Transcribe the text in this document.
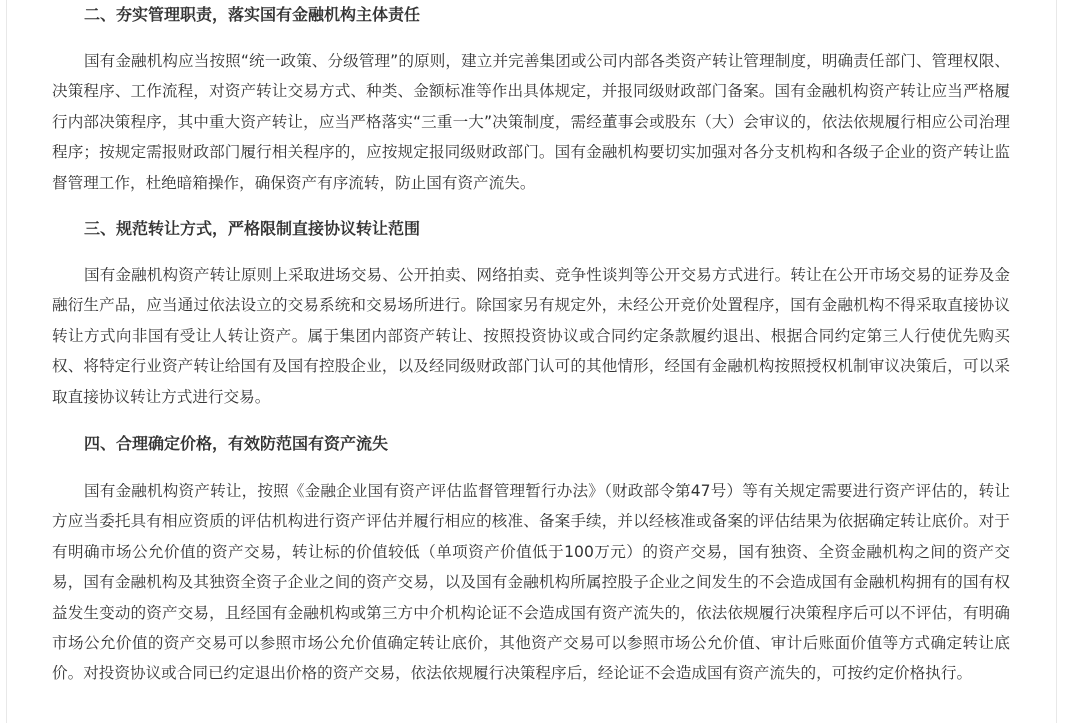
二、夯实管理职责，落实国有金融机构主体责任

国有金融机构应当按照“统一政策、分级管理”的原则，建立并完善集团或公司内部各类资产转让管理制度，明确责任部门、管理权限、决策程序、工作流程，对资产转让交易方式、种类、金额标准等作出具体规定，并报同级财政部门备案。国有金融机构资产转让应当严格履行内部决策程序，其中重大资产转让，应当严格落实“三重一大”决策制度，需经董事会或股东（大）会审议的，依法依规履行相应公司治理程序；按规定需报财政部门履行相关程序的，应按规定报同级财政部门。国有金融机构要切实加强对各分支机构和各级子企业的资产转让监督管理工作，杜绝暗箱操作，确保资产有序流转，防止国有资产流失。

三、规范转让方式，严格限制直接协议转让范围

国有金融机构资产转让原则上采取进场交易、公开拍卖、网络拍卖、竞争性谈判等公开交易方式进行。转让在公开市场交易的证券及金融衍生产品，应当通过依法设立的交易系统和交易场所进行。除国家另有规定外，未经公开竞价处置程序，国有金融机构不得采取直接协议转让方式向非国有受让人转让资产。属于集团内部资产转让、按照投资协议或合同约定条款履约退出、根据合同约定第三人行使优先购买权、将特定行业资产转让给国有及国有控股企业，以及经同级财政部门认可的其他情形，经国有金融机构按照授权机制审议决策后，可以采取直接协议转让方式进行交易。

四、合理确定价格，有效防范国有资产流失

国有金融机构资产转让，按照《金融企业国有资产评估监督管理暂行办法》（财政部令第47号）等有关规定需要进行资产评估的，转让方应当委托具有相应资质的评估机构进行资产评估并履行相应的核准、备案手续，并以经核准或备案的评估结果为依据确定转让底价。对于有明确市场公允价值的资产交易，转让标的价值较低（单项资产价值低于100万元）的资产交易，国有独资、全资金融机构之间的资产交易，国有金融机构及其独资全资子企业之间的资产交易，以及国有金融机构所属控股子企业之间发生的不会造成国有金融机构拥有的国有权益发生变动的资产交易，且经国有金融机构或第三方中介机构论证不会造成国有资产流失的，依法依规履行决策程序后可以不评估，有明确市场公允价值的资产交易可以参照市场公允价值确定转让底价，其他资产交易可以参照市场公允价值、审计后账面价值等方式确定转让底价。对投资协议或合同已约定退出价格的资产交易，依法依规履行决策程序后，经论证不会造成国有资产流失的，可按约定价格执行。
